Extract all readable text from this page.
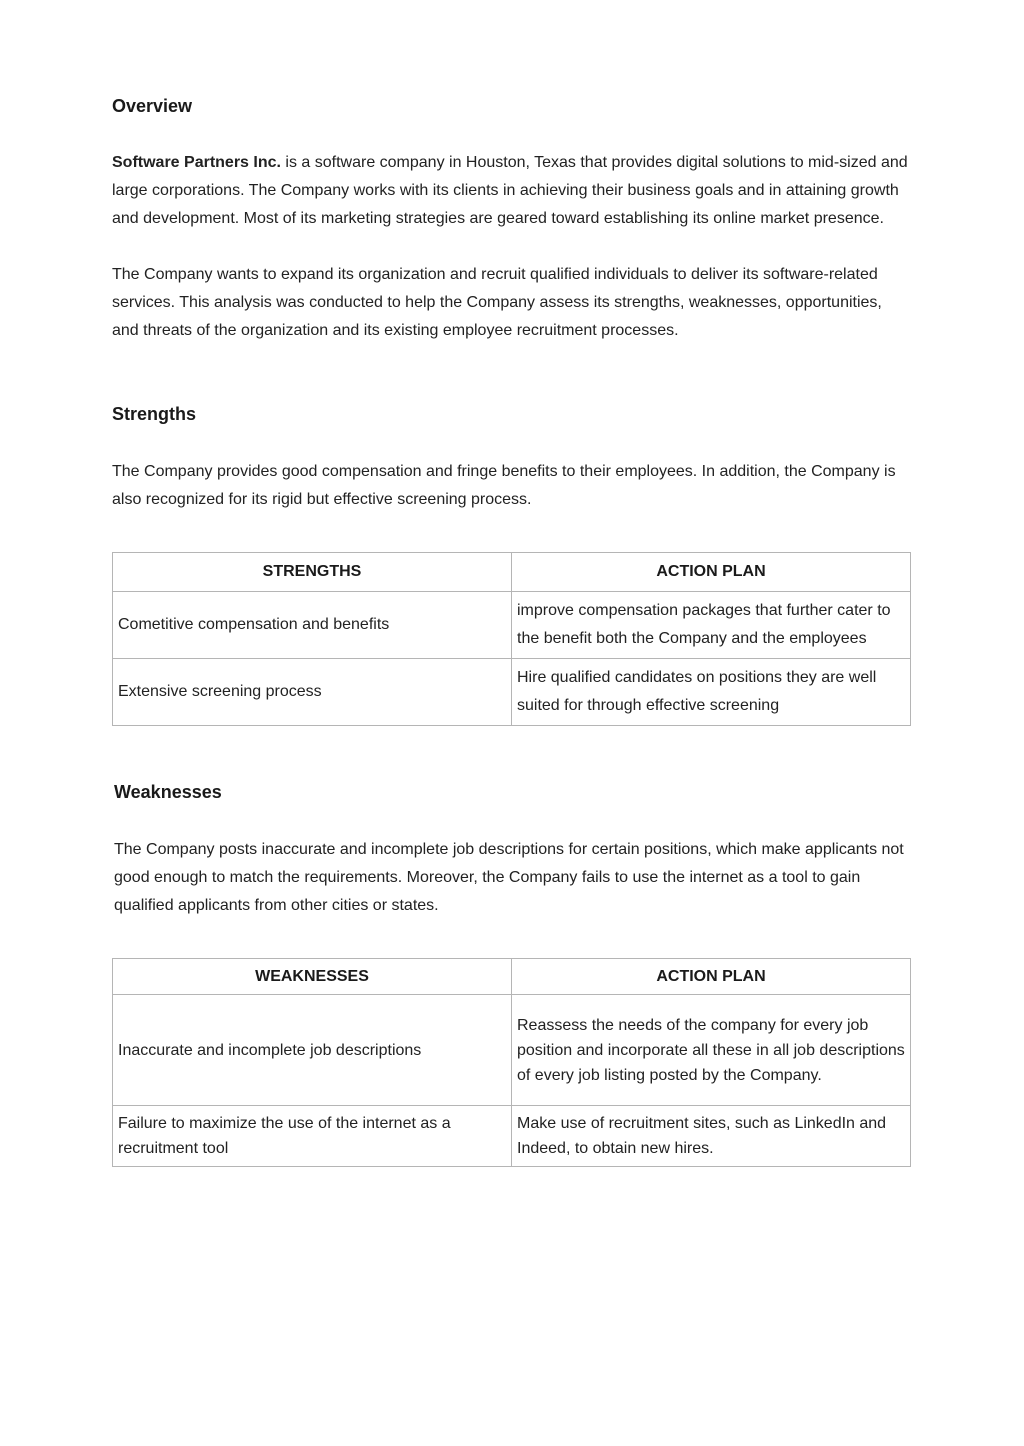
Overview

Software Partners Inc. is a software company in Houston, Texas that provides digital solutions to mid-sized and large corporations. The Company works with its clients in achieving their business goals and in attaining growth and development. Most of its marketing strategies are geared toward establishing its online market presence.

The Company wants to expand its organization and recruit qualified individuals to deliver its software-related services. This analysis was conducted to help the Company assess its strengths, weaknesses, opportunities, and threats of the organization and its existing employee recruitment processes.

Strengths

The Company provides good compensation and fringe benefits to their employees. In addition, the Company is also recognized for its rigid but effective screening process.

STRENGTHS	ACTION PLAN
Cometitive compensation and benefits	improve compensation packages that further cater to the benefit both the Company and the employees
Extensive screening process	Hire qualified candidates on positions they are well suited for through effective screening
Weaknesses

The Company posts inaccurate and incomplete job descriptions for certain positions, which make applicants not good enough to match the requirements. Moreover, the Company fails to use the internet as a tool to gain qualified applicants from other cities or states.

WEAKNESSES	ACTION PLAN
Inaccurate and incomplete job descriptions	Reassess the needs of the company for every job position and incorporate all these in all job descriptions of every job listing posted by the Company.
Failure to maximize the use of the internet as a recruitment tool	Make use of recruitment sites, such as LinkedIn and Indeed, to obtain new hires.
